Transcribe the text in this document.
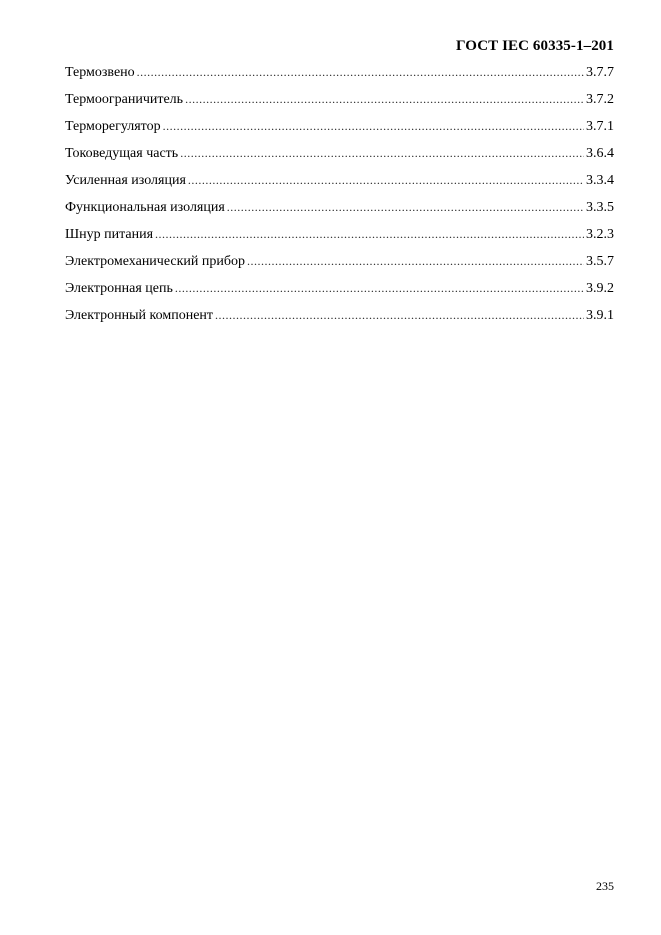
ГОСТ IEC 60335-1–201
Термозвено .....	3.7.7
Термоограничитель .....	3.7.2
Терморегулятор .....	3.7.1
Токоведущая часть .....	3.6.4
Усиленная изоляция .....	3.3.4
Функциональная изоляция .....	3.3.5
Шнур питания .....	3.2.3
Электромеханический прибор .....	3.5.7
Электронная цепь .....	3.9.2
Электронный компонент .....	3.9.1
235
